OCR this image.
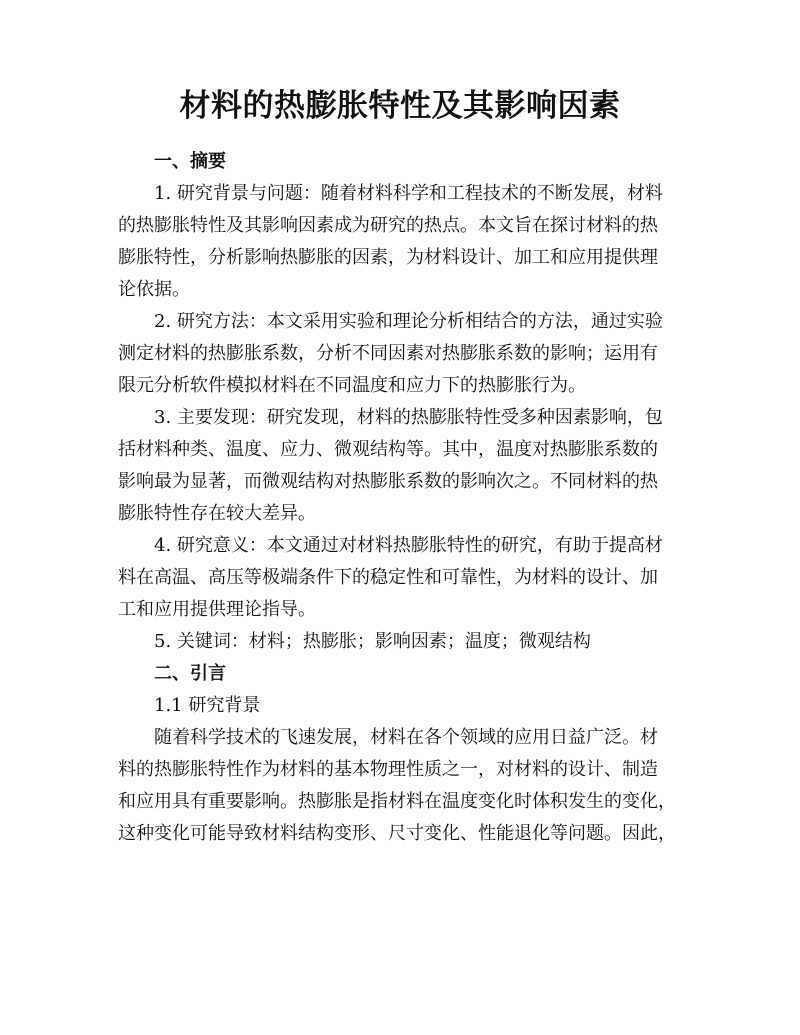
材料的热膨胀特性及其影响因素
一、摘要
1. 研究背景与问题：随着材料科学和工程技术的不断发展，材料
的热膨胀特性及其影响因素成为研究的热点。本文旨在探讨材料的热
膨胀特性，分析影响热膨胀的因素，为材料设计、加工和应用提供理
论依据。
2. 研究方法：本文采用实验和理论分析相结合的方法，通过实验
测定材料的热膨胀系数，分析不同因素对热膨胀系数的影响；运用有
限元分析软件模拟材料在不同温度和应力下的热膨胀行为。
3. 主要发现：研究发现，材料的热膨胀特性受多种因素影响，包
括材料种类、温度、应力、微观结构等。其中，温度对热膨胀系数的
影响最为显著，而微观结构对热膨胀系数的影响次之。不同材料的热
膨胀特性存在较大差异。
4. 研究意义：本文通过对材料热膨胀特性的研究，有助于提高材
料在高温、高压等极端条件下的稳定性和可靠性，为材料的设计、加
工和应用提供理论指导。
5. 关键词：材料；热膨胀；影响因素；温度；微观结构
二、引言
1.1 研究背景
随着科学技术的飞速发展，材料在各个领域的应用日益广泛。材
料的热膨胀特性作为材料的基本物理性质之一，对材料的设计、制造
和应用具有重要影响。热膨胀是指材料在温度变化时体积发生的变化，
这种变化可能导致材料结构变形、尺寸变化、性能退化等问题。因此，
